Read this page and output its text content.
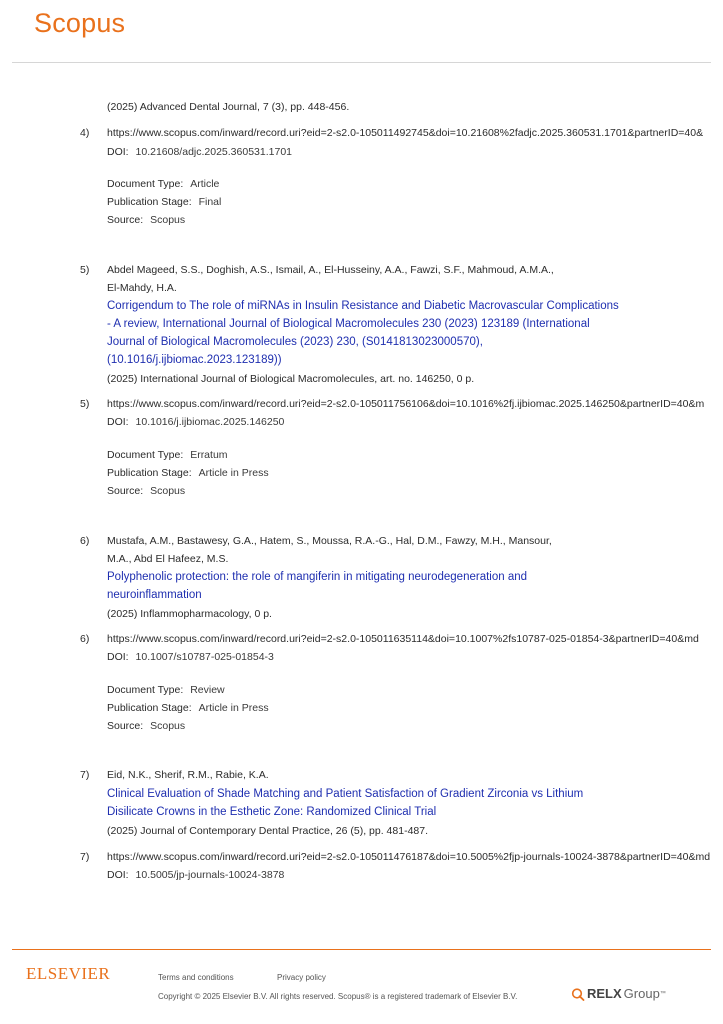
Scopus
(2025) Advanced Dental Journal, 7 (3), pp. 448-456.
4) https://www.scopus.com/inward/record.uri?eid=2-s2.0-105011492745&doi=10.21608%2fadjc.2025.360531.1701&partnerID=40&
DOI: 10.21608/adjc.2025.360531.1701
Document Type: Article
Publication Stage: Final
Source: Scopus
5) Abdel Mageed, S.S., Doghish, A.S., Ismail, A., El-Husseiny, A.A., Fawzi, S.F., Mahmoud, A.M.A.,
El-Mahdy, H.A.
Corrigendum to The role of miRNAs in Insulin Resistance and Diabetic Macrovascular Complications
- A review, International Journal of Biological Macromolecules 230 (2023) 123189 (International
Journal of Biological Macromolecules (2023) 230, (S0141813023000570),
(10.1016/j.ijbiomac.2023.123189))
(2025) International Journal of Biological Macromolecules, art. no. 146250, 0 p.
5) https://www.scopus.com/inward/record.uri?eid=2-s2.0-105011756106&doi=10.1016%2fj.ijbiomac.2025.146250&partnerID=40&m
DOI: 10.1016/j.ijbiomac.2025.146250
Document Type: Erratum
Publication Stage: Article in Press
Source: Scopus
6) Mustafa, A.M., Bastawesy, G.A., Hatem, S., Moussa, R.A.-G., Hal, D.M., Fawzy, M.H., Mansour,
M.A., Abd El Hafeez, M.S.
Polyphenolic protection: the role of mangiferin in mitigating neurodegeneration and
neuroinflammation
(2025) Inflammopharmacology, 0 p.
6) https://www.scopus.com/inward/record.uri?eid=2-s2.0-105011635114&doi=10.1007%2fs10787-025-01854-3&partnerID=40&md
DOI: 10.1007/s10787-025-01854-3
Document Type: Review
Publication Stage: Article in Press
Source: Scopus
7) Eid, N.K., Sherif, R.M., Rabie, K.A.
Clinical Evaluation of Shade Matching and Patient Satisfaction of Gradient Zirconia vs Lithium
Disilicate Crowns in the Esthetic Zone: Randomized Clinical Trial
(2025) Journal of Contemporary Dental Practice, 26 (5), pp. 481-487.
7) https://www.scopus.com/inward/record.uri?eid=2-s2.0-105011476187&doi=10.5005%2fjp-journals-10024-3878&partnerID=40&md
DOI: 10.5005/jp-journals-10024-3878
ELSEVIER	Terms and conditions	Privacy policy
Copyright © 2025 Elsevier B.V. All rights reserved. Scopus® is a registered trademark of Elsevier B.V.	RELX Group ™
